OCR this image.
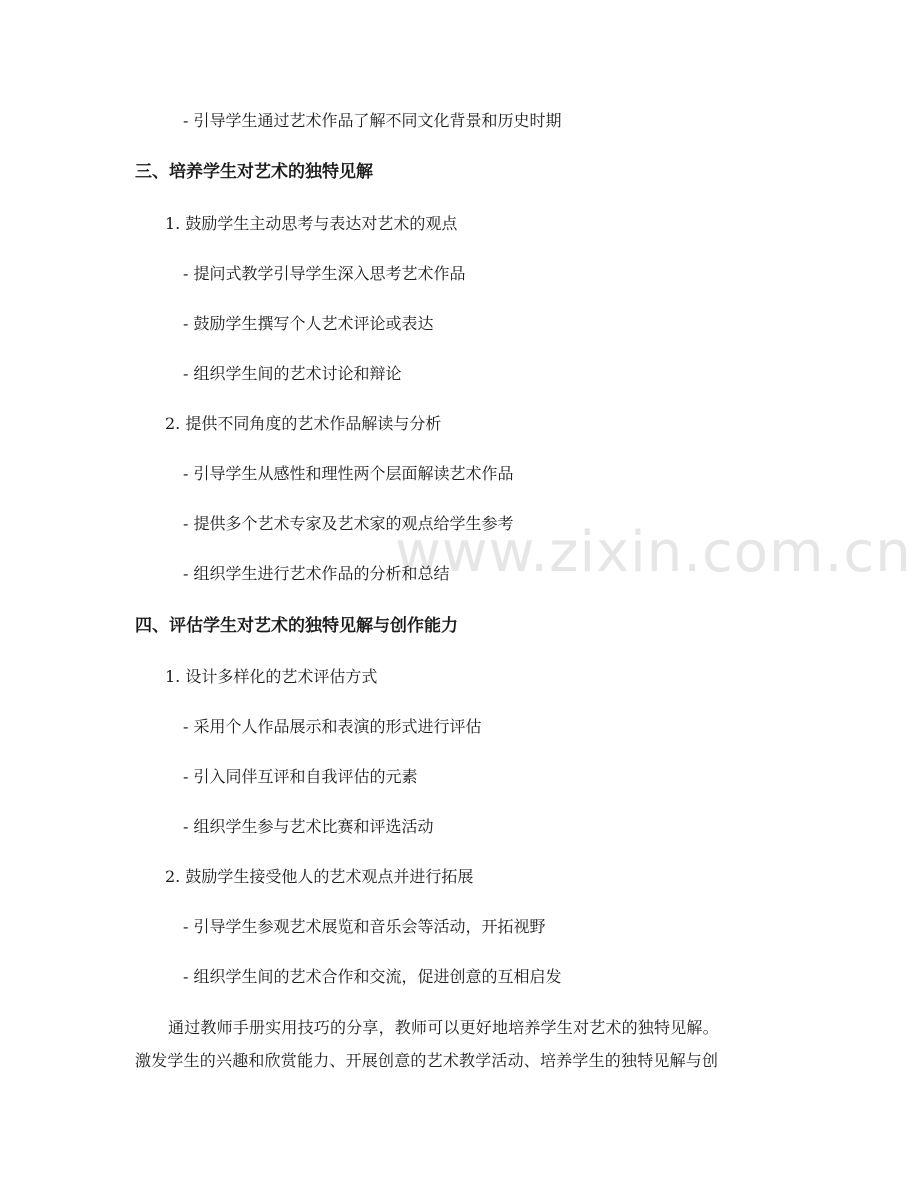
www.zixin.com.cn
- 引导学生通过艺术作品了解不同文化背景和历史时期
三、培养学生对艺术的独特见解
1. 鼓励学生主动思考与表达对艺术的观点
- 提问式教学引导学生深入思考艺术作品
- 鼓励学生撰写个人艺术评论或表达
- 组织学生间的艺术讨论和辩论
2. 提供不同角度的艺术作品解读与分析
- 引导学生从感性和理性两个层面解读艺术作品
- 提供多个艺术专家及艺术家的观点给学生参考
- 组织学生进行艺术作品的分析和总结
四、评估学生对艺术的独特见解与创作能力
1. 设计多样化的艺术评估方式
- 采用个人作品展示和表演的形式进行评估
- 引入同伴互评和自我评估的元素
- 组织学生参与艺术比赛和评选活动
2. 鼓励学生接受他人的艺术观点并进行拓展
- 引导学生参观艺术展览和音乐会等活动，开拓视野
- 组织学生间的艺术合作和交流，促进创意的互相启发
通过教师手册实用技巧的分享，教师可以更好地培养学生对艺术的独特见解。
激发学生的兴趣和欣赏能力、开展创意的艺术教学活动、培养学生的独特见解与创
